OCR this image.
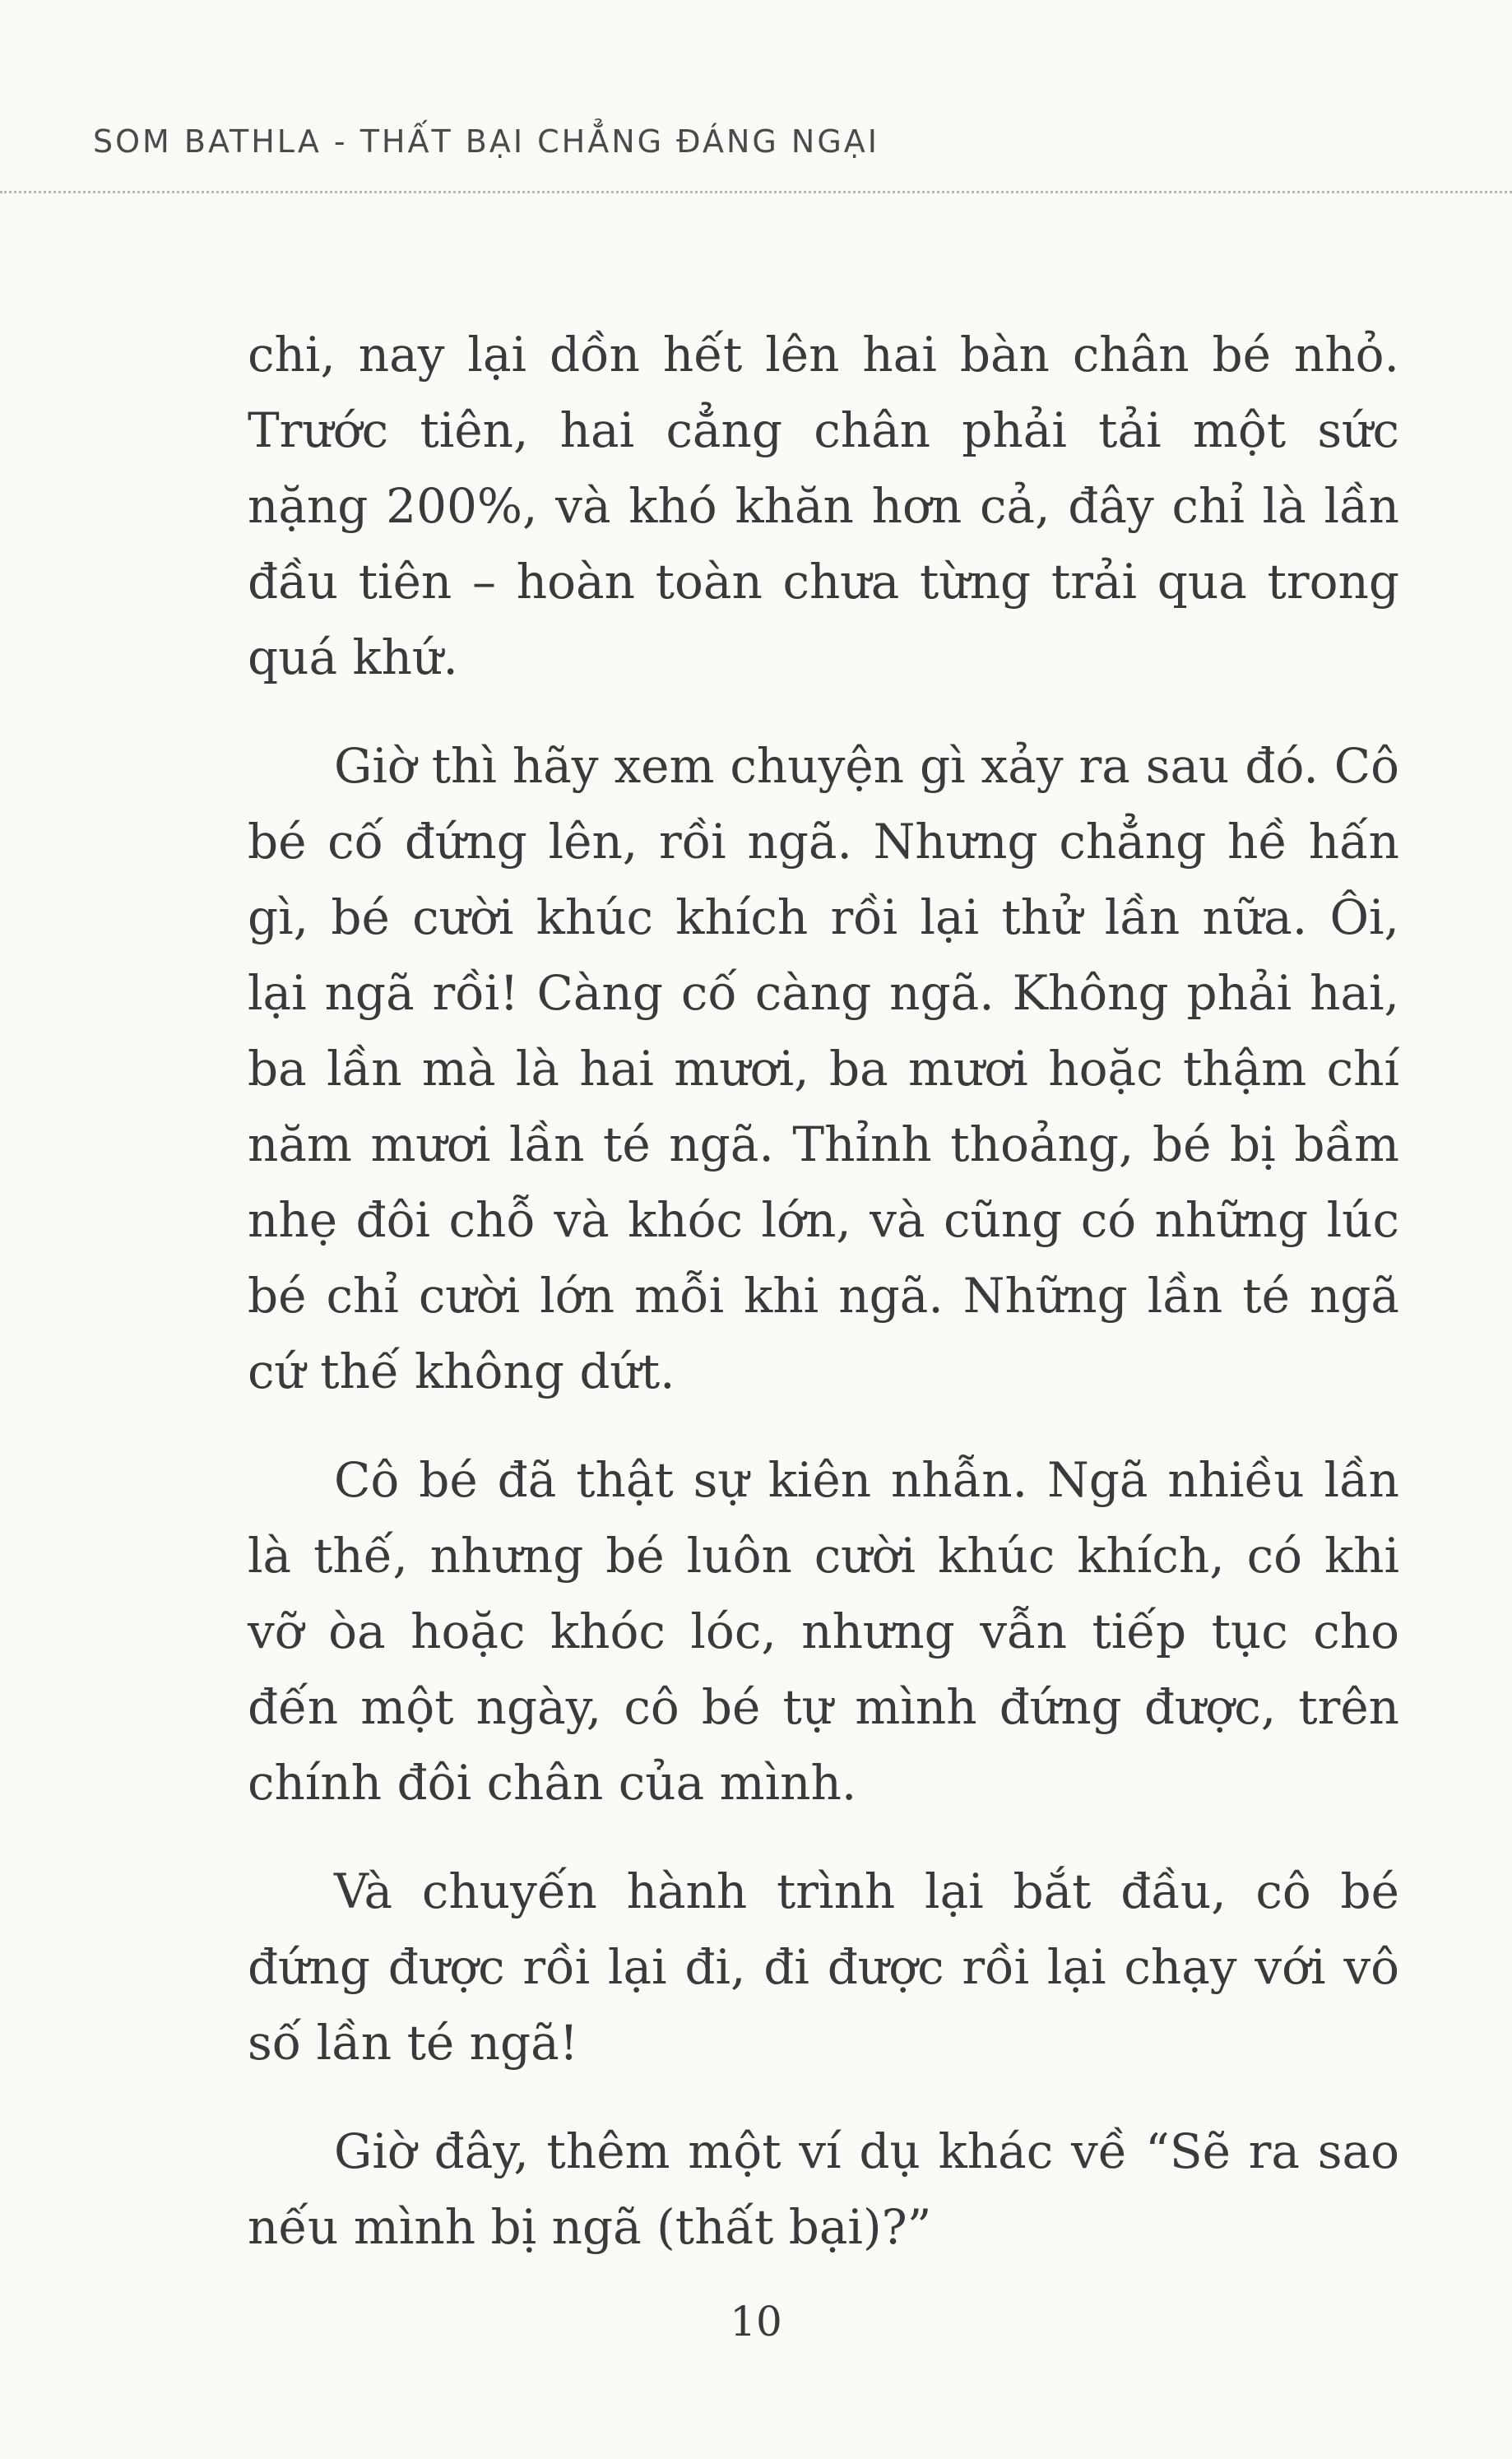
SOM BATHLA - THẤT BẠI CHẲNG ĐÁNG NGẠI

chi, nay lại dồn hết lên hai bàn chân bé nhỏ. Trước tiên, hai cẳng chân phải tải một sức nặng 200%, và khó khăn hơn cả, đây chỉ là lần đầu tiên – hoàn toàn chưa từng trải qua trong quá khứ.

Giờ thì hãy xem chuyện gì xảy ra sau đó. Cô bé cố đứng lên, rồi ngã. Nhưng chẳng hề hấn gì, bé cười khúc khích rồi lại thử lần nữa. Ôi, lại ngã rồi! Càng cố càng ngã. Không phải hai, ba lần mà là hai mươi, ba mươi hoặc thậm chí năm mươi lần té ngã. Thỉnh thoảng, bé bị bầm nhẹ đôi chỗ và khóc lớn, và cũng có những lúc bé chỉ cười lớn mỗi khi ngã. Những lần té ngã cứ thế không dứt.

Cô bé đã thật sự kiên nhẫn. Ngã nhiều lần là thế, nhưng bé luôn cười khúc khích, có khi vỡ òa hoặc khóc lóc, nhưng vẫn tiếp tục cho đến một ngày, cô bé tự mình đứng được, trên chính đôi chân của mình.

Và chuyến hành trình lại bắt đầu, cô bé đứng được rồi lại đi, đi được rồi lại chạy với vô số lần té ngã!

Giờ đây, thêm một ví dụ khác về “Sẽ ra sao nếu mình bị ngã (thất bại)?”

10
